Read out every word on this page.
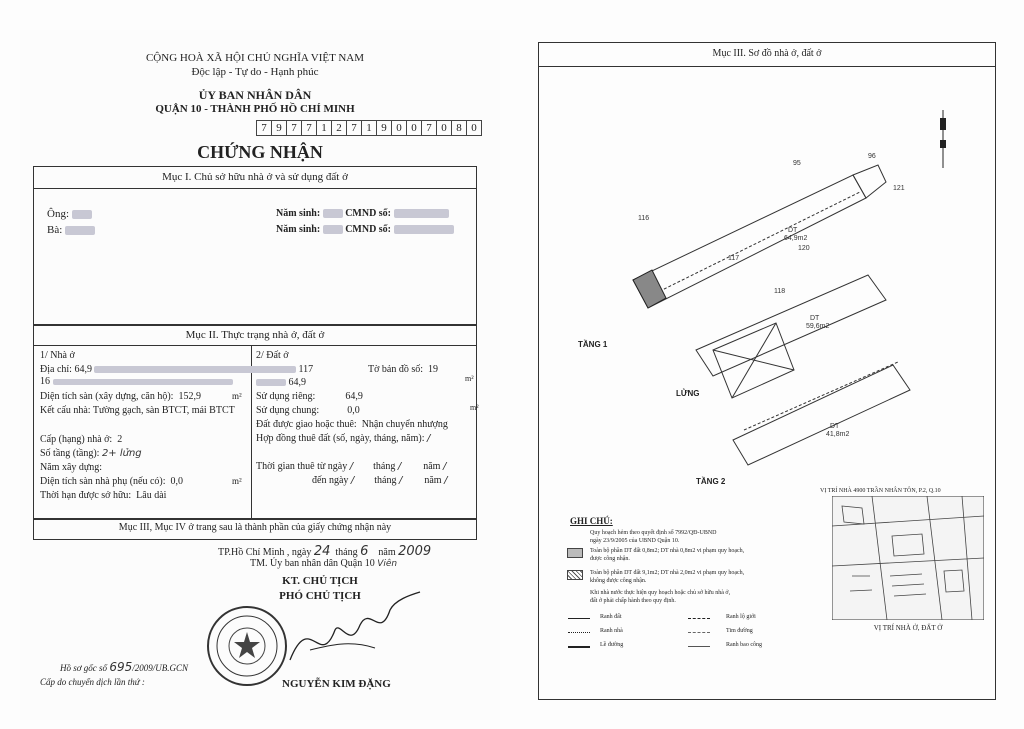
CỘNG HOÀ XÃ HỘI CHỦ NGHĨA VIỆT NAM
Độc lập - Tự do - Hạnh phúc
ỦY BAN NHÂN DÂN
QUẬN 10 - THÀNH PHỐ HỒ CHÍ MINH
7 9 7 7 1 2 7 1 9 0 0 7 0 8 0
CHỨNG NHẬN
Mục I. Chủ sở hữu nhà ở và sử dụng đất ở
Ông:
Bà:
Năm sinh:	CMND số:
Năm sinh:	CMND số:
Mục II. Thực trạng nhà ở, đất ở
1/ Nhà ở
Địa chỉ: 64,9
16
Diện tích sàn (xây dựng, căn hộ): 152,9	m²
Kết cấu nhà: Tường gạch, sàn BTCT, mái BTCT
Cấp (hạng) nhà ở: 2
Số tầng (tầng): 2+ lửng
Năm xây dựng:
Diện tích sàn nhà phụ (nếu có): 0,0	m²
Thời hạn được sở hữu: Lâu dài
2/ Đất ở
117	Tờ bản đồ số: 19
64,9	m²
Sử dụng riêng:	64,9
Sử dụng chung:	0,0	m²
Đất được giao hoặc thuê: Nhận chuyển nhượng
Hợp đồng thuê đất (số, ngày, tháng, năm): /
Thời gian thuê từ ngày / tháng / năm /
đến ngày / tháng / năm /
Mục III, Mục IV ở trang sau là thành phần của giấy chứng nhận này
TP.Hồ Chí Minh , ngày 24 tháng 6 năm 2009
TM. Ủy ban nhân dân Quận 10 Viên
KT. CHỦ TỊCH
PHÓ CHỦ TỊCH
NGUYỄN KIM ĐẶNG
Hồ sơ gốc số 695/2009/UB.GCN
Cấp do chuyển dịch lần thứ :
Mục III. Sơ đồ nhà ở, đất ở
116
117
118
120
95
96
121
DT
64,9m2
DT
59,6m2
DT
41,8m2
TẦNG 1
LỬNG
TẦNG 2
VỊ TRÍ NHÀ 4900 TRẦN NHÂN TÔN, P.2, Q.10
VỊ TRÍ NHÀ Ở, ĐẤT Ở
GHI CHÚ:
Quy hoạch hẻm theo quyết định số 7992/QĐ-UBND
ngày 23/9/2005 của UBND Quận 10.
Toàn bộ phần DT đất 0,8m2; DT nhà 0,8m2 vi phạm quy hoạch,
được công nhận.
Toàn bộ phần DT đất 9,1m2; DT nhà 2,0m2 vi phạm quy hoạch,
không được công nhận.
Khi nhà nước thực hiện quy hoạch hoặc chủ sở hữu nhà ở,
đất ở phải chấp hành theo quy định.
Ranh đất	Ranh lộ giới
Ranh nhà	Tim đường
Lề đường	Ranh bao công
